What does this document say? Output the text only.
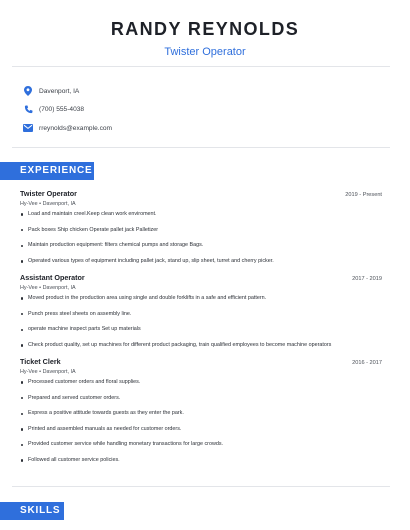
RANDY REYNOLDS
Twister Operator
Davenport, IA
(700) 555-4038
rreynolds@example.com
EXPERIENCE
Twister Operator	2019 - Present
Hy-Vee • Davenport, IA
Load and maintain creel.Keep clean work enviroment.
Pack boxes Ship chicken Operate pallet jack Palletizer
Maintain production equipment: filters chemical pumps and storage Bags.
Operated various types of equipment including pallet jack, stand up, slip sheet, turret and cherry picker.
Assistant Operator	2017 - 2019
Hy-Vee • Davenport, IA
Moved product in the production area using single and double forklifts in a safe and efficient pattern.
Punch press steel sheets on assembly line.
operate machine inspect parts Set up materials
Check product quality, set up machines for different product packaging, train qualified employees to become machine operators
Ticket Clerk	2016 - 2017
Hy-Vee • Davenport, IA
Processed customer orders and floral supplies.
Prepared and served customer orders.
Express a positive attitude towards guests as they enter the park.
Printed and assembled manuals as needed for customer orders.
Provided customer service while handling monetary transactions for large crowds.
Followed all customer service policies.
SKILLS
